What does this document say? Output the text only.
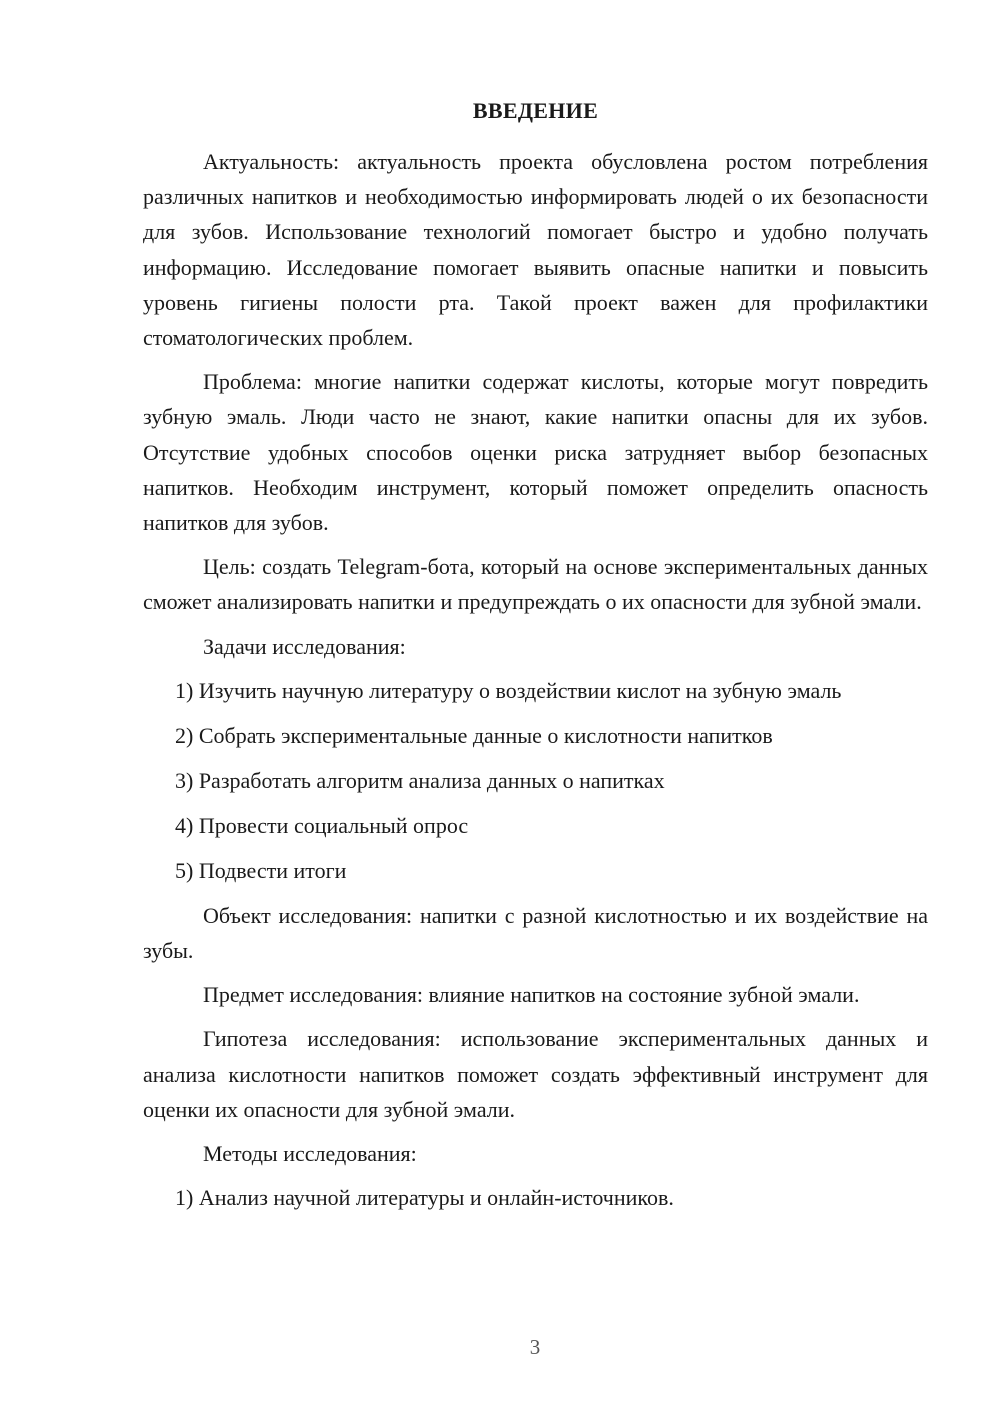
ВВЕДЕНИЕ

Актуальность: актуальность проекта обусловлена ростом потребления различных напитков и необходимостью информировать людей о их безопасности для зубов. Использование технологий помогает быстро и удобно получать информацию. Исследование помогает выявить опасные напитки и повысить уровень гигиены полости рта. Такой проект важен для профилактики стоматологических проблем.

Проблема: многие напитки содержат кислоты, которые могут повредить зубную эмаль. Люди часто не знают, какие напитки опасны для их зубов. Отсутствие удобных способов оценки риска затрудняет выбор безопасных напитков. Необходим инструмент, который поможет определить опасность напитков для зубов.

Цель: создать Telegram-бота, который на основе экспериментальных данных сможет анализировать напитки и предупреждать о их опасности для зубной эмали.

Задачи исследования:

1) Изучить научную литературу о воздействии кислот на зубную эмаль
2) Собрать экспериментальные данные о кислотности напитков
3) Разработать алгоритм анализа данных о напитках
4) Провести социальный опрос
5) Подвести итоги

Объект исследования: напитки с разной кислотностью и их воздействие на зубы.

Предмет исследования: влияние напитков на состояние зубной эмали.

Гипотеза исследования: использование экспериментальных данных и анализа кислотности напитков поможет создать эффективный инструмент для оценки их опасности для зубной эмали.

Методы исследования:

1) Анализ научной литературы и онлайн-источников.
3
